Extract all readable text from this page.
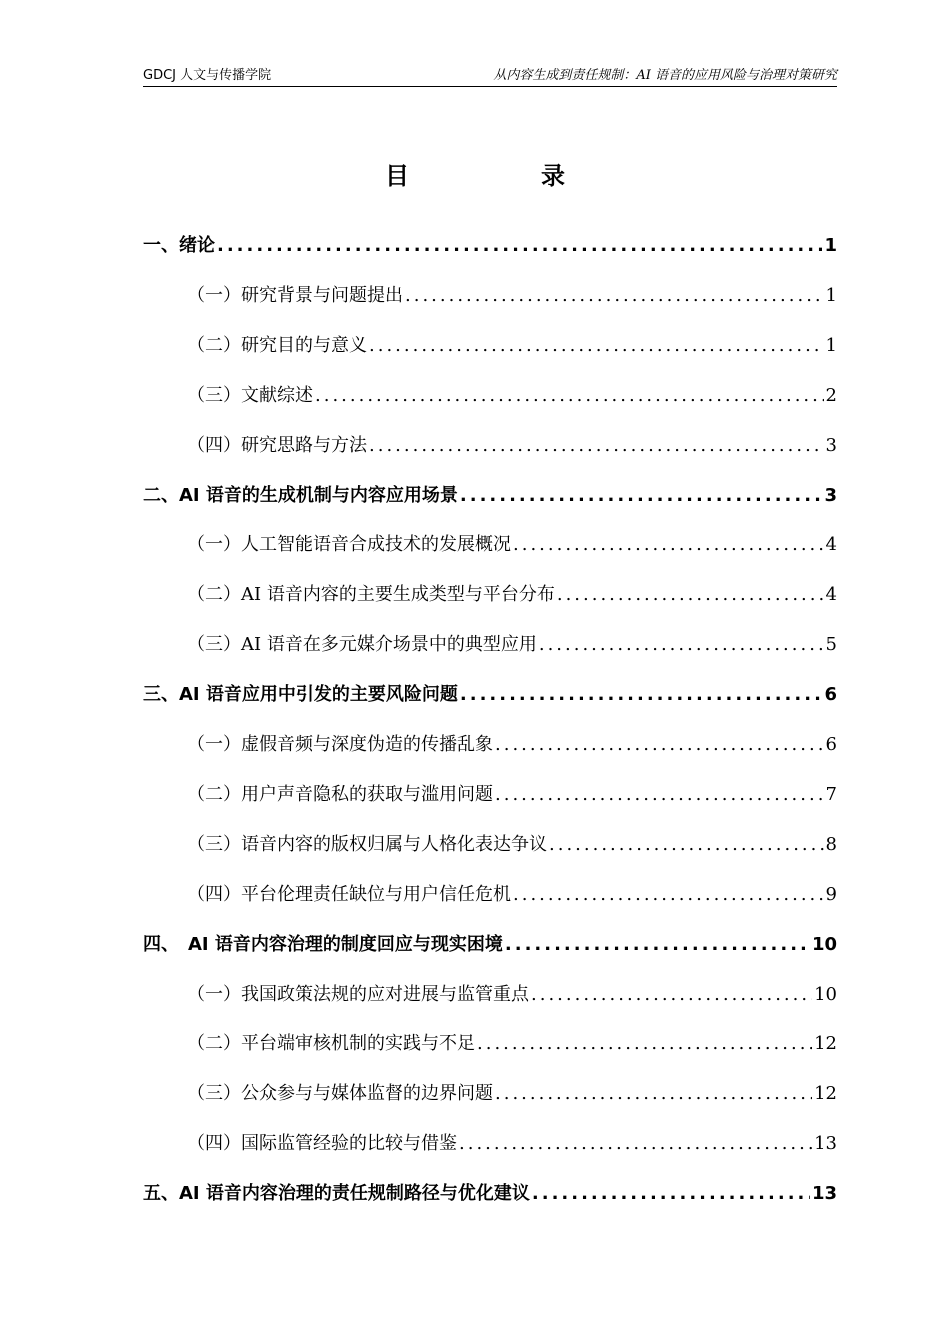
GDCJ 人文与传播学院	从内容生成到责任规制：AI 语音的应用风险与治理对策研究
目　录
一、绪论 .....	1
（一）研究背景与问题提出 .....	1
（二）研究目的与意义 .....	1
（三）文献综述 .....	2
（四）研究思路与方法 .....	3
二、AI 语音的生成机制与内容应用场景 .....	3
（一）人工智能语音合成技术的发展概况 .....	4
（二）AI 语音内容的主要生成类型与平台分布 .....	4
（三）AI 语音在多元媒介场景中的典型应用 .....	5
三、AI 语音应用中引发的主要风险问题 .....	6
（一）虚假音频与深度伪造的传播乱象 .....	6
（二）用户声音隐私的获取与滥用问题 .....	7
（三）语音内容的版权归属与人格化表达争议 .....	8
（四）平台伦理责任缺位与用户信任危机 .....	9
四、　AI 语音内容治理的制度回应与现实困境 .....	10
（一）我国政策法规的应对进展与监管重点 .....	10
（二）平台端审核机制的实践与不足 .....	12
（三）公众参与与媒体监督的边界问题 .....	12
（四）国际监管经验的比较与借鉴 .....	13
五、AI 语音内容治理的责任规制路径与优化建议 .....	13
